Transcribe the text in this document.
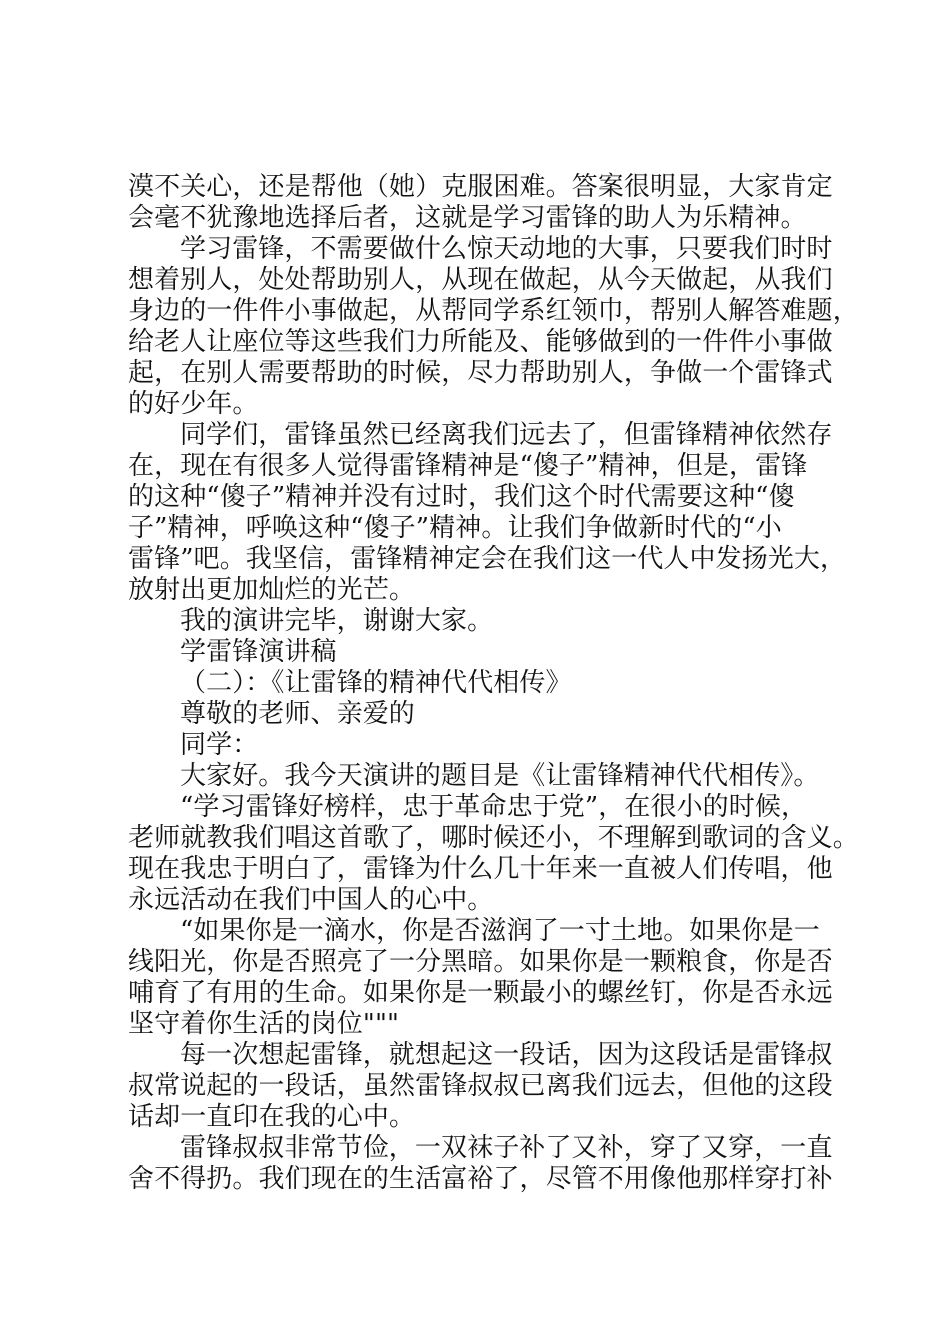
漠不关心，还是帮他（她）克服困难。答案很明显，大家肯定
会毫不犹豫地选择后者，这就是学习雷锋的助人为乐精神。
学习雷锋，不需要做什么惊天动地的大事，只要我们时时
想着别人，处处帮助别人，从现在做起，从今天做起，从我们
身边的一件件小事做起，从帮同学系红领巾，帮别人解答难题，
给老人让座位等这些我们力所能及、能够做到的一件件小事做
起，在别人需要帮助的时候，尽力帮助别人，争做一个雷锋式
的好少年。
同学们，雷锋虽然已经离我们远去了，但雷锋精神依然存
在，现在有很多人觉得雷锋精神是“傻子”精神，但是，雷锋
的这种“傻子”精神并没有过时，我们这个时代需要这种“傻
子”精神，呼唤这种“傻子”精神。让我们争做新时代的“小
雷锋”吧。我坚信，雷锋精神定会在我们这一代人中发扬光大，
放射出更加灿烂的光芒。
我的演讲完毕，谢谢大家。
学雷锋演讲稿
（二）：《让雷锋的精神代代相传》
尊敬的老师、亲爱的
同学：
大家好。我今天演讲的题目是《让雷锋精神代代相传》。
“学习雷锋好榜样，忠于革命忠于党”，在很小的时候，
老师就教我们唱这首歌了，哪时候还小，不理解到歌词的含义。
现在我忠于明白了，雷锋为什么几十年来一直被人们传唱，他
永远活动在我们中国人的心中。
“如果你是一滴水，你是否滋润了一寸土地。如果你是一
线阳光，你是否照亮了一分黑暗。如果你是一颗粮食，你是否
哺育了有用的生命。如果你是一颗最小的螺丝钉，你是否永远
坚守着你生活的岗位"""
每一次想起雷锋，就想起这一段话，因为这段话是雷锋叔
叔常说起的一段话，虽然雷锋叔叔已离我们远去，但他的这段
话却一直印在我的心中。
雷锋叔叔非常节俭，一双袜子补了又补，穿了又穿，一直
舍不得扔。我们现在的生活富裕了，尽管不用像他那样穿打补
